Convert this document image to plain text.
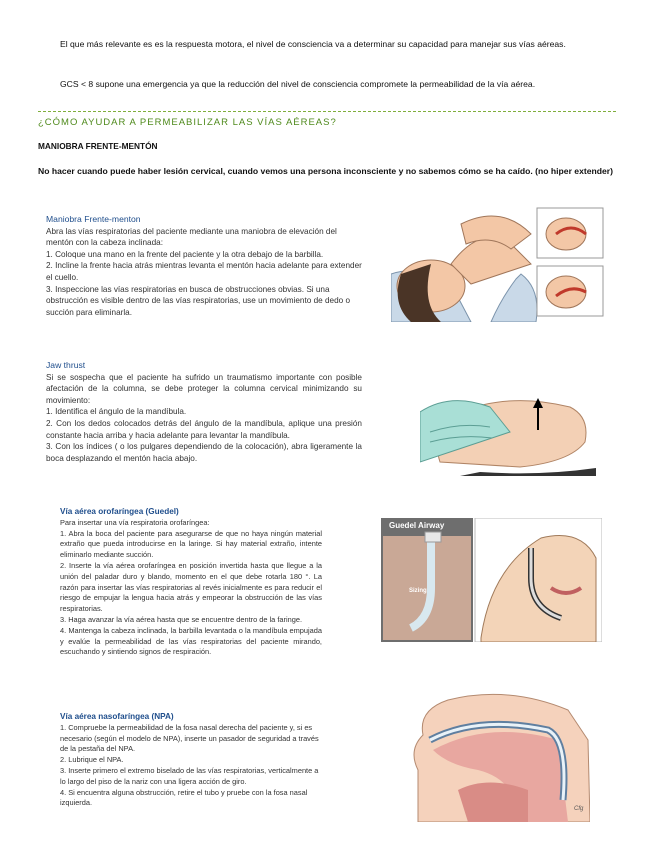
El que más relevante es es la respuesta motora, el nivel de consciencia va a determinar su capacidad para manejar sus vías aéreas.
GCS < 8 supone una emergencia ya que la reducción del nivel de consciencia compromete la permeabilidad de la vía aérea.
¿CÓMO AYUDAR A PERMEABILIZAR LAS VÍAS AÉREAS?
MANIOBRA FRENTE-MENTÓN
No hacer cuando puede haber lesión cervical, cuando vemos una persona inconsciente y no sabemos cómo se ha caído. (no hiper extender)
Maniobra Frente-menton
Abra las vías respiratorias del paciente mediante una maniobra de elevación del mentón con la cabeza inclinada:
1. Coloque una mano en la frente del paciente y la otra debajo de la barbilla.
2. Incline la frente hacia atrás mientras levanta el mentón hacia adelante para extender el cuello.
3. Inspeccione las vías respiratorias en busca de obstrucciones obvias. Si una obstrucción es visible dentro de las vías respiratorias, use un movimiento de dedo o succión para eliminarla.
Jaw thrust
Si se sospecha que el paciente ha sufrido un traumatismo importante con posible afectación de la columna, se debe proteger la columna cervical minimizando su movimiento:
1. Identifica el ángulo de la mandíbula.
2. Con los dedos colocados detrás del ángulo de la mandíbula, aplique una presión constante hacia arriba y hacia adelante para levantar la mandíbula.
3. Con los índices ( o los pulgares dependiendo de la colocación), abra ligeramente la boca desplazando el mentón hacia abajo.
Vía aérea orofaríngea (Guedel)
Para insertar una vía respiratoria orofaríngea:
1. Abra la boca del paciente para asegurarse de que no haya ningún material extraño que pueda introducirse en la laringe. Si hay material extraño, intente eliminarlo mediante succión.
2. Inserte la vía aérea orofaríngea en posición invertida hasta que llegue a la unión del paladar duro y blando, momento en el que debe rotarla 180 °. La razón para insertar las vías respiratorias al revés inicialmente es para reducir el riesgo de empujar la lengua hacia atrás y empeorar la obstrucción de las vías respiratorias.
3. Haga avanzar la vía aérea hasta que se encuentre dentro de la faringe.
4. Mantenga la cabeza inclinada, la barbilla levantada o la mandíbula empujada y evalúe la permeabilidad de las vías respiratorias del paciente mirando, escuchando y sintiendo signos de respiración.
Guedel Airway
Sizing
Vía aérea nasofaríngea (NPA)
1. Compruebe la permeabilidad de la fosa nasal derecha del paciente y, si es necesario (según el modelo de NPA), inserte un pasador de seguridad a través de la pestaña del NPA.
2. Lubrique el NPA.
3. Inserte primero el extremo biselado de las vías respiratorias, verticalmente a lo largo del piso de la nariz con una ligera acción de giro.
4. Si encuentra alguna obstrucción, retire el tubo y pruebe con la fosa nasal izquierda.
Cfg
